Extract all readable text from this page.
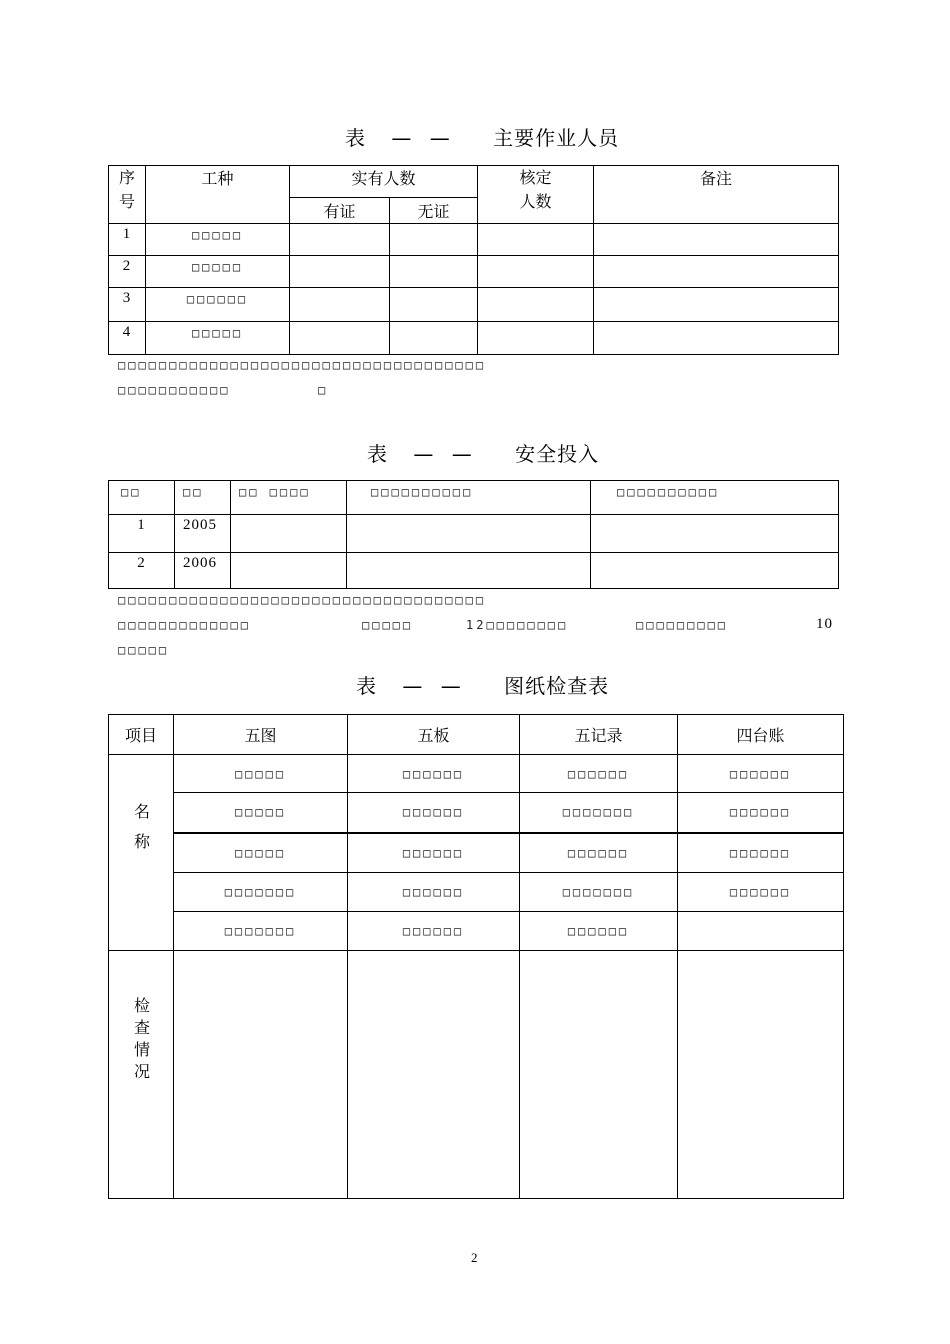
表 — — 主要作业人员
序号	工种	实有人数		核定人数	备注
		有证	无证		
1	□□□□□				
2	□□□□□				
3	□□□□□□				
4	□□□□□				
□□□□□□□□□□□□□□□□□□□□□□□□□□□□□□□□□□□□
□□□□□□□□□□□	□
表 — — 安全投入
□□	□□	□□ □□□□	□□□□□□□□□□	□□□□□□□□□□
1	2005			
2	2006			
□□□□□□□□□□□□□□□□□□□□□□□□□□□□□□□□□□□□
□□□□□□□□□□□□□	□□□□□	12□□□□□□□□	□□□□□□□□□	10
□□□□□
表 — — 图纸检查表
项目	五图	五板	五记录	四台账
名称	□□□□□	□□□□□□	□□□□□□	□□□□□□
	□□□□□	□□□□□□	□□□□□□□	□□□□□□
	□□□□□	□□□□□□	□□□□□□	□□□□□□
	□□□□□□□	□□□□□□	□□□□□□□	□□□□□□
	□□□□□□□	□□□□□□	□□□□□□	
检查情况				
2
